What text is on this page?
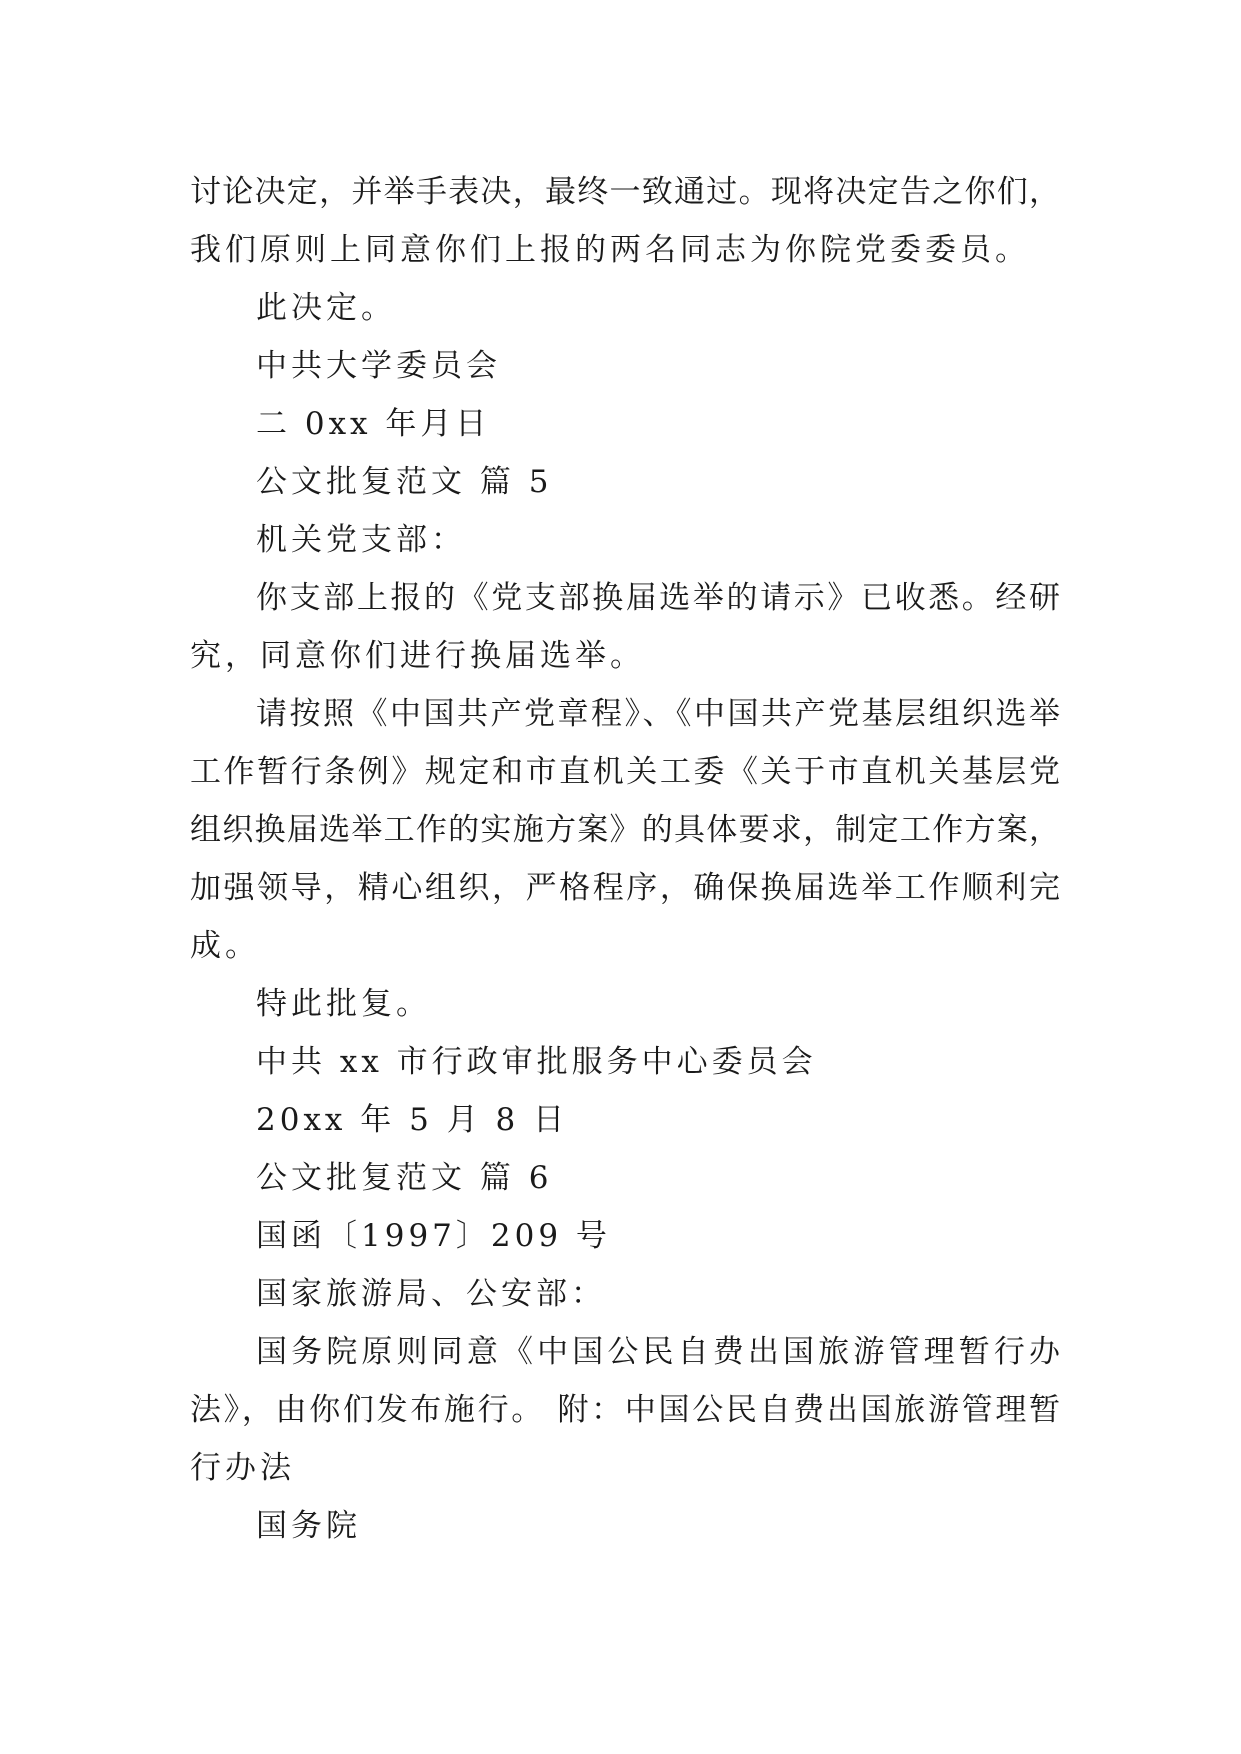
讨论决定，并举手表决，最终一致通过。现将决定告之你们，

我们原则上同意你们上报的两名同志为你院党委委员。

此决定。

中共大学委员会

二 0xx 年月日

公文批复范文 篇 5

机关党支部：

你支部上报的《党支部换届选举的请示》已收悉。经研

究，同意你们进行换届选举。

请按照《中国共产党章程》、《中国共产党基层组织选举

工作暂行条例》规定和市直机关工委《关于市直机关基层党

组织换届选举工作的实施方案》的具体要求，制定工作方案，

加强领导，精心组织，严格程序，确保换届选举工作顺利完

成。

特此批复。

中共 xx 市行政审批服务中心委员会

20xx 年 5 月 8 日

公文批复范文 篇 6

国函〔1997〕209 号

国家旅游局、公安部：

国务院原则同意《中国公民自费出国旅游管理暂行办

法》，由你们发布施行。 附：中国公民自费出国旅游管理暂

行办法

国务院
